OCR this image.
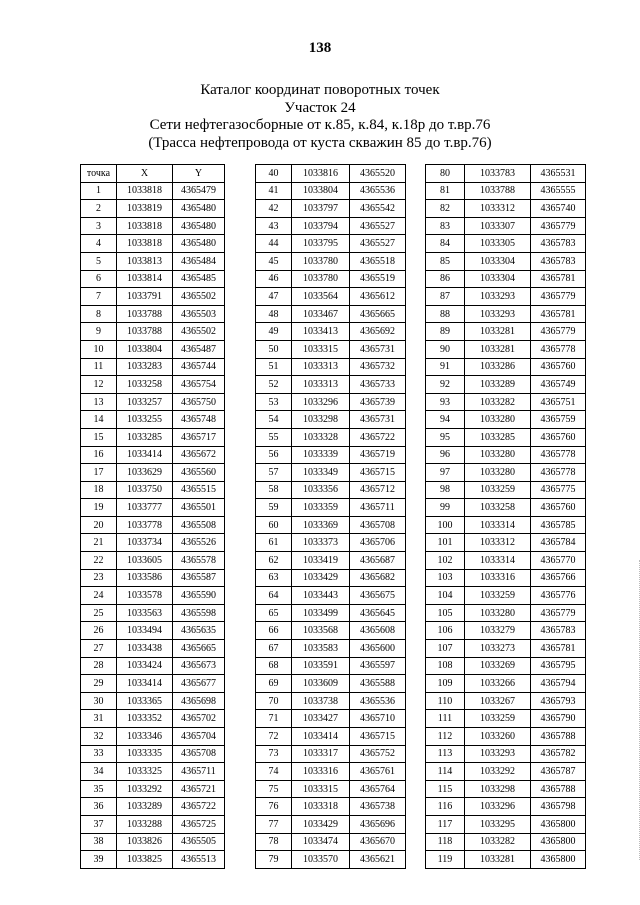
138
Каталог координат поворотных точек
Участок 24
Сети нефтегазосборные от к.85, к.84, к.18р до т.вр.76
(Трасса нефтепровода от куста скважин 85 до т.вр.76)
точка	X	Y
1	1033818	4365479
2	1033819	4365480
3	1033818	4365480
4	1033818	4365480
5	1033813	4365484
6	1033814	4365485
7	1033791	4365502
8	1033788	4365503
9	1033788	4365502
10	1033804	4365487
11	1033283	4365744
12	1033258	4365754
13	1033257	4365750
14	1033255	4365748
15	1033285	4365717
16	1033414	4365672
17	1033629	4365560
18	1033750	4365515
19	1033777	4365501
20	1033778	4365508
21	1033734	4365526
22	1033605	4365578
23	1033586	4365587
24	1033578	4365590
25	1033563	4365598
26	1033494	4365635
27	1033438	4365665
28	1033424	4365673
29	1033414	4365677
30	1033365	4365698
31	1033352	4365702
32	1033346	4365704
33	1033335	4365708
34	1033325	4365711
35	1033292	4365721
36	1033289	4365722
37	1033288	4365725
38	1033826	4365505
39	1033825	4365513
40	1033816	4365520
41	1033804	4365536
42	1033797	4365542
43	1033794	4365527
44	1033795	4365527
45	1033780	4365518
46	1033780	4365519
47	1033564	4365612
48	1033467	4365665
49	1033413	4365692
50	1033315	4365731
51	1033313	4365732
52	1033313	4365733
53	1033296	4365739
54	1033298	4365731
55	1033328	4365722
56	1033339	4365719
57	1033349	4365715
58	1033356	4365712
59	1033359	4365711
60	1033369	4365708
61	1033373	4365706
62	1033419	4365687
63	1033429	4365682
64	1033443	4365675
65	1033499	4365645
66	1033568	4365608
67	1033583	4365600
68	1033591	4365597
69	1033609	4365588
70	1033738	4365536
71	1033427	4365710
72	1033414	4365715
73	1033317	4365752
74	1033316	4365761
75	1033315	4365764
76	1033318	4365738
77	1033429	4365696
78	1033474	4365670
79	1033570	4365621
80	1033783	4365531
81	1033788	4365555
82	1033312	4365740
83	1033307	4365779
84	1033305	4365783
85	1033304	4365783
86	1033304	4365781
87	1033293	4365779
88	1033293	4365781
89	1033281	4365779
90	1033281	4365778
91	1033286	4365760
92	1033289	4365749
93	1033282	4365751
94	1033280	4365759
95	1033285	4365760
96	1033280	4365778
97	1033280	4365778
98	1033259	4365775
99	1033258	4365760
100	1033314	4365785
101	1033312	4365784
102	1033314	4365770
103	1033316	4365766
104	1033259	4365776
105	1033280	4365779
106	1033279	4365783
107	1033273	4365781
108	1033269	4365795
109	1033266	4365794
110	1033267	4365793
111	1033259	4365790
112	1033260	4365788
113	1033293	4365782
114	1033292	4365787
115	1033298	4365788
116	1033296	4365798
117	1033295	4365800
118	1033282	4365800
119	1033281	4365800
